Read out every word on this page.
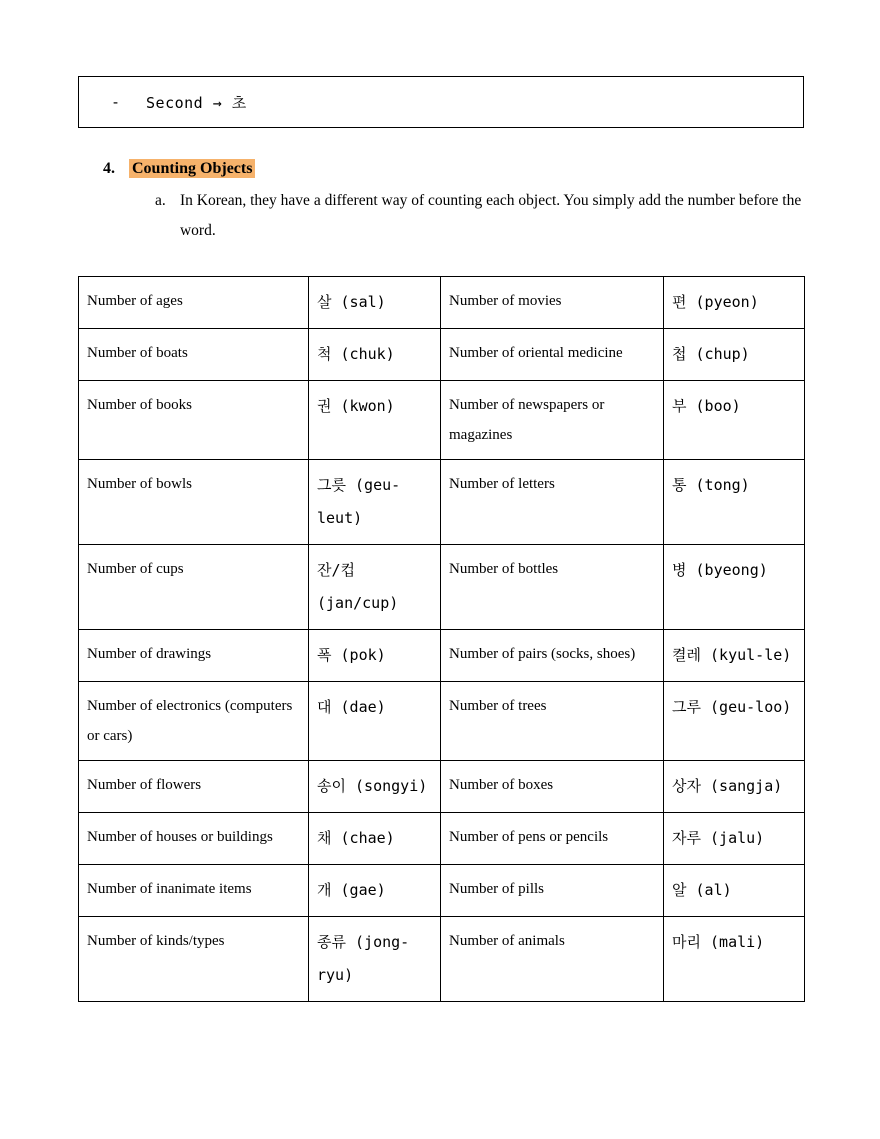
- Second → 초
4. Counting Objects
a. In Korean, they have a different way of counting each object. You simply add the number before the word.
Number of ages	살 (sal)	Number of movies	편 (pyeon)
Number of boats	척 (chuk)	Number of oriental medicine	첩 (chup)
Number of books	권 (kwon)	Number of newspapers or magazines	부 (boo)
Number of bowls	그릇 (geu-leut)	Number of letters	통 (tong)
Number of cups	잔/컵 (jan/cup)	Number of bottles	병 (byeong)
Number of drawings	폭 (pok)	Number of pairs (socks, shoes)	켤레 (kyul-le)
Number of electronics (computers or cars)	대 (dae)	Number of trees	그루 (geu-loo)
Number of flowers	송이 (songyi)	Number of boxes	상자 (sangja)
Number of houses or buildings	채 (chae)	Number of pens or pencils	자루 (jalu)
Number of inanimate items	개 (gae)	Number of pills	알 (al)
Number of kinds/types	종류 (jong-ryu)	Number of animals	마리 (mali)
